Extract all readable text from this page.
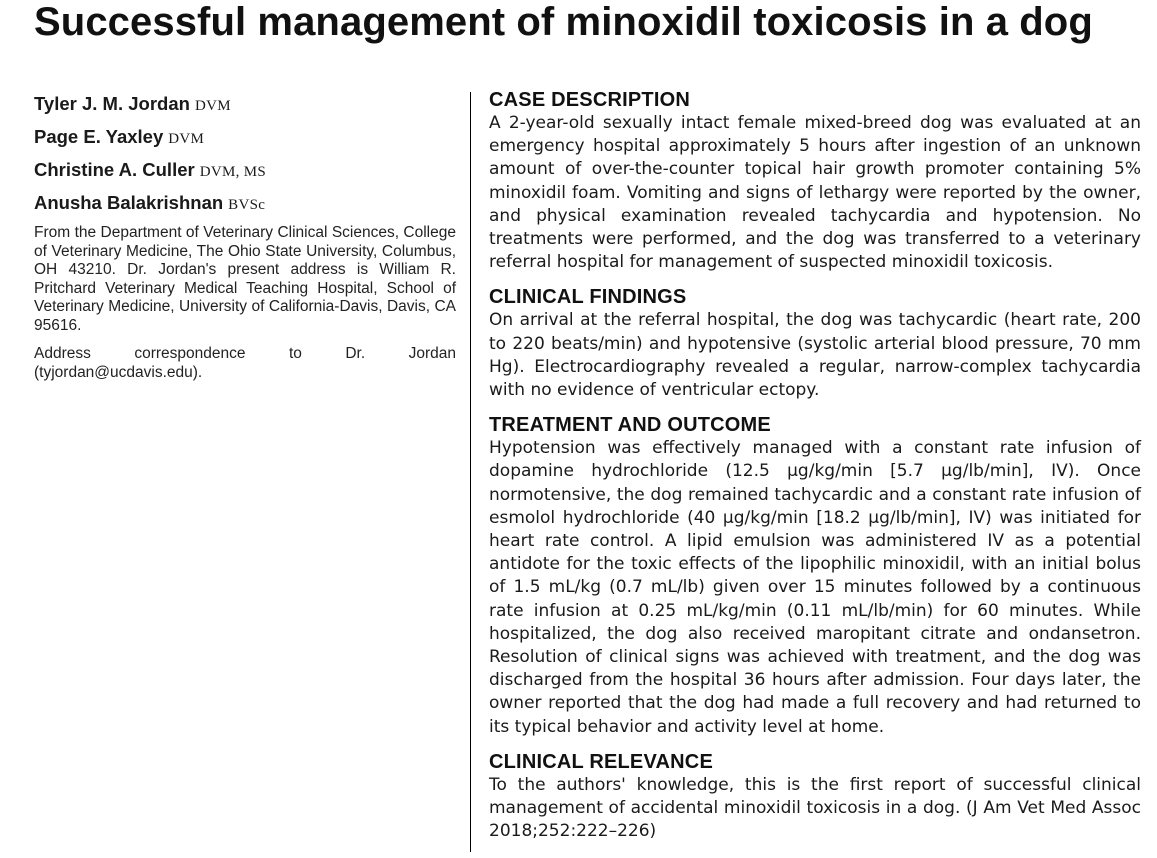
Successful management of minoxidil toxicosis in a dog
Tyler J. M. Jordan DVM
Page E. Yaxley DVM
Christine A. Culler DVM, MS
Anusha Balakrishnan BVSc
From the Department of Veterinary Clinical Sciences, College of Veterinary Medicine, The Ohio State University, Columbus, OH 43210. Dr. Jordan's present address is William R. Pritchard Veterinary Medical Teaching Hospital, School of Veterinary Medicine, University of California-Davis, Davis, CA 95616.
Address correspondence to Dr. Jordan (tyjordan@ucdavis.edu).
CASE DESCRIPTION
A 2-year-old sexually intact female mixed-breed dog was evaluated at an emergency hospital approximately 5 hours after ingestion of an unknown amount of over-the-counter topical hair growth promoter containing 5% minoxidil foam. Vomiting and signs of lethargy were reported by the owner, and physical examination revealed tachycardia and hypotension. No treatments were performed, and the dog was transferred to a veterinary referral hospital for management of suspected minoxidil toxicosis.
CLINICAL FINDINGS
On arrival at the referral hospital, the dog was tachycardic (heart rate, 200 to 220 beats/min) and hypotensive (systolic arterial blood pressure, 70 mm Hg). Electrocardiography revealed a regular, narrow-complex tachycardia with no evidence of ventricular ectopy.
TREATMENT AND OUTCOME
Hypotension was effectively managed with a constant rate infusion of dopamine hydrochloride (12.5 µg/kg/min [5.7 µg/lb/min], IV). Once normotensive, the dog remained tachycardic and a constant rate infusion of esmolol hydrochloride (40 µg/kg/min [18.2 µg/lb/min], IV) was initiated for heart rate control. A lipid emulsion was administered IV as a potential antidote for the toxic effects of the lipophilic minoxidil, with an initial bolus of 1.5 mL/kg (0.7 mL/lb) given over 15 minutes followed by a continuous rate infusion at 0.25 mL/kg/min (0.11 mL/lb/min) for 60 minutes. While hospitalized, the dog also received maropitant citrate and ondansetron. Resolution of clinical signs was achieved with treatment, and the dog was discharged from the hospital 36 hours after admission. Four days later, the owner reported that the dog had made a full recovery and had returned to its typical behavior and activity level at home.
CLINICAL RELEVANCE
To the authors' knowledge, this is the first report of successful clinical management of accidental minoxidil toxicosis in a dog. (J Am Vet Med Assoc 2018;252:222–226)
